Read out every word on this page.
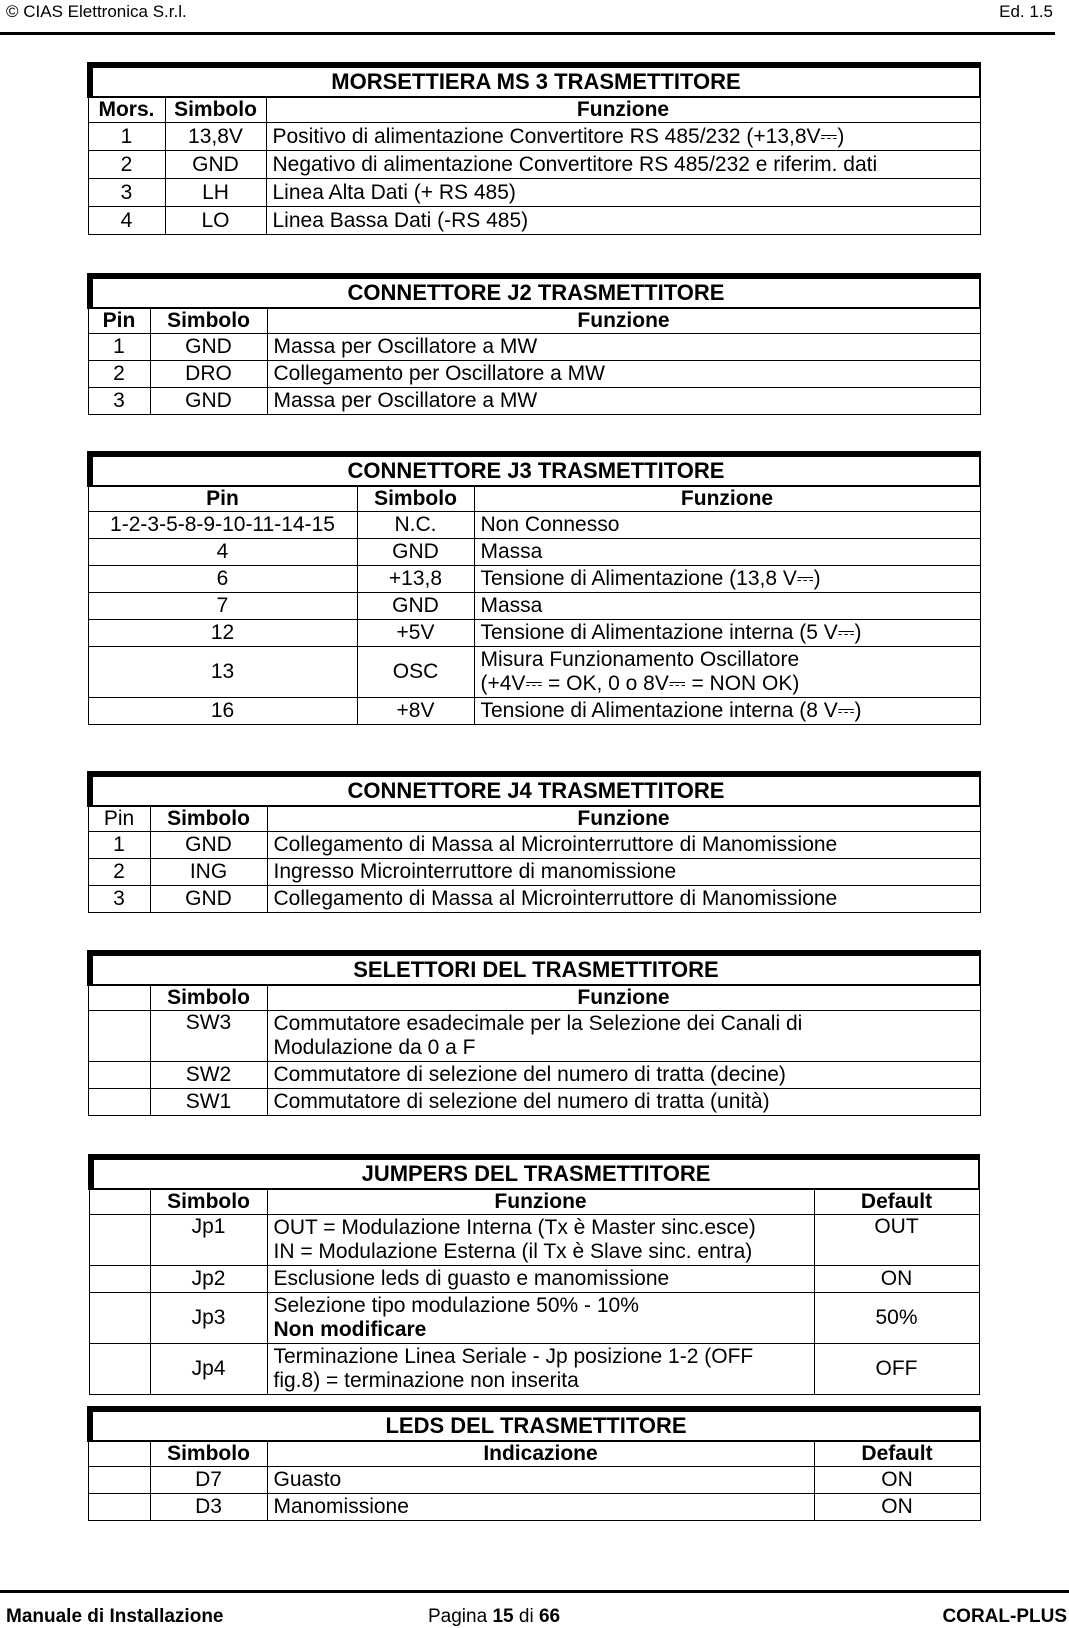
© CIAS Elettronica S.r.l.	Ed. 1.5
MORSETTIERA MS 3 TRASMETTITORE		

Mors.	Simbolo	Funzione
1	13,8V	Positivo di alimentazione Convertitore RS 485/232 (+13,8V⎓)
2	GND	Negativo di alimentazione Convertitore RS 485/232 e riferim. dati
3	LH	Linea Alta Dati (+ RS 485)
4	LO	Linea Bassa Dati (-RS 485)
CONNETTORE J2 TRASMETTITORE		

Pin	Simbolo	Funzione
1	GND	Massa per Oscillatore a MW
2	DRO	Collegamento per Oscillatore a MW
3	GND	Massa per Oscillatore a MW
CONNETTORE J3 TRASMETTITORE		

Pin	Simbolo	Funzione
1-2-3-5-8-9-10-11-14-15	N.C.	Non Connesso
4	GND	Massa
6	+13,8	Tensione di Alimentazione (13,8 V⎓)
7	GND	Massa
12	+5V	Tensione di Alimentazione interna (5 V⎓)
13	OSC	Misura Funzionamento Oscillatore
(+4V⎓ = OK, 0 o 8V⎓ = NON OK)
16	+8V	Tensione di Alimentazione interna (8 V⎓)
CONNETTORE J4 TRASMETTITORE		

Pin	Simbolo	Funzione
1	GND	Collegamento di Massa al Microinterruttore di Manomissione
2	ING	Ingresso Microinterruttore di manomissione
3	GND	Collegamento di Massa al Microinterruttore di Manomissione
SELETTORI DEL TRASMETTITORE		

	Simbolo	Funzione
	SW3	Commutatore esadecimale per la Selezione dei Canali di
Modulazione da 0 a F
	SW2	Commutatore di selezione del numero di tratta (decine)
	SW1	Commutatore di selezione del numero di tratta (unità)
JUMPERS DEL TRASMETTITORE			

	Simbolo	Funzione	Default
	Jp1	OUT = Modulazione Interna (Tx è Master sinc.esce)
IN = Modulazione Esterna (il Tx è Slave sinc. entra)	OUT
	Jp2	Esclusione leds di guasto e manomissione	ON
	Jp3	Selezione tipo modulazione 50% - 10%
Non modificare	50%
	Jp4	Terminazione Linea Seriale - Jp posizione 1-2 (OFF
fig.8) = terminazione non inserita	OFF
LEDS DEL TRASMETTITORE			

	Simbolo	Indicazione	Default
	D7	Guasto	ON
	D3	Manomissione	ON
Manuale di Installazione	Pagina 15 di 66	CORAL-PLUS
